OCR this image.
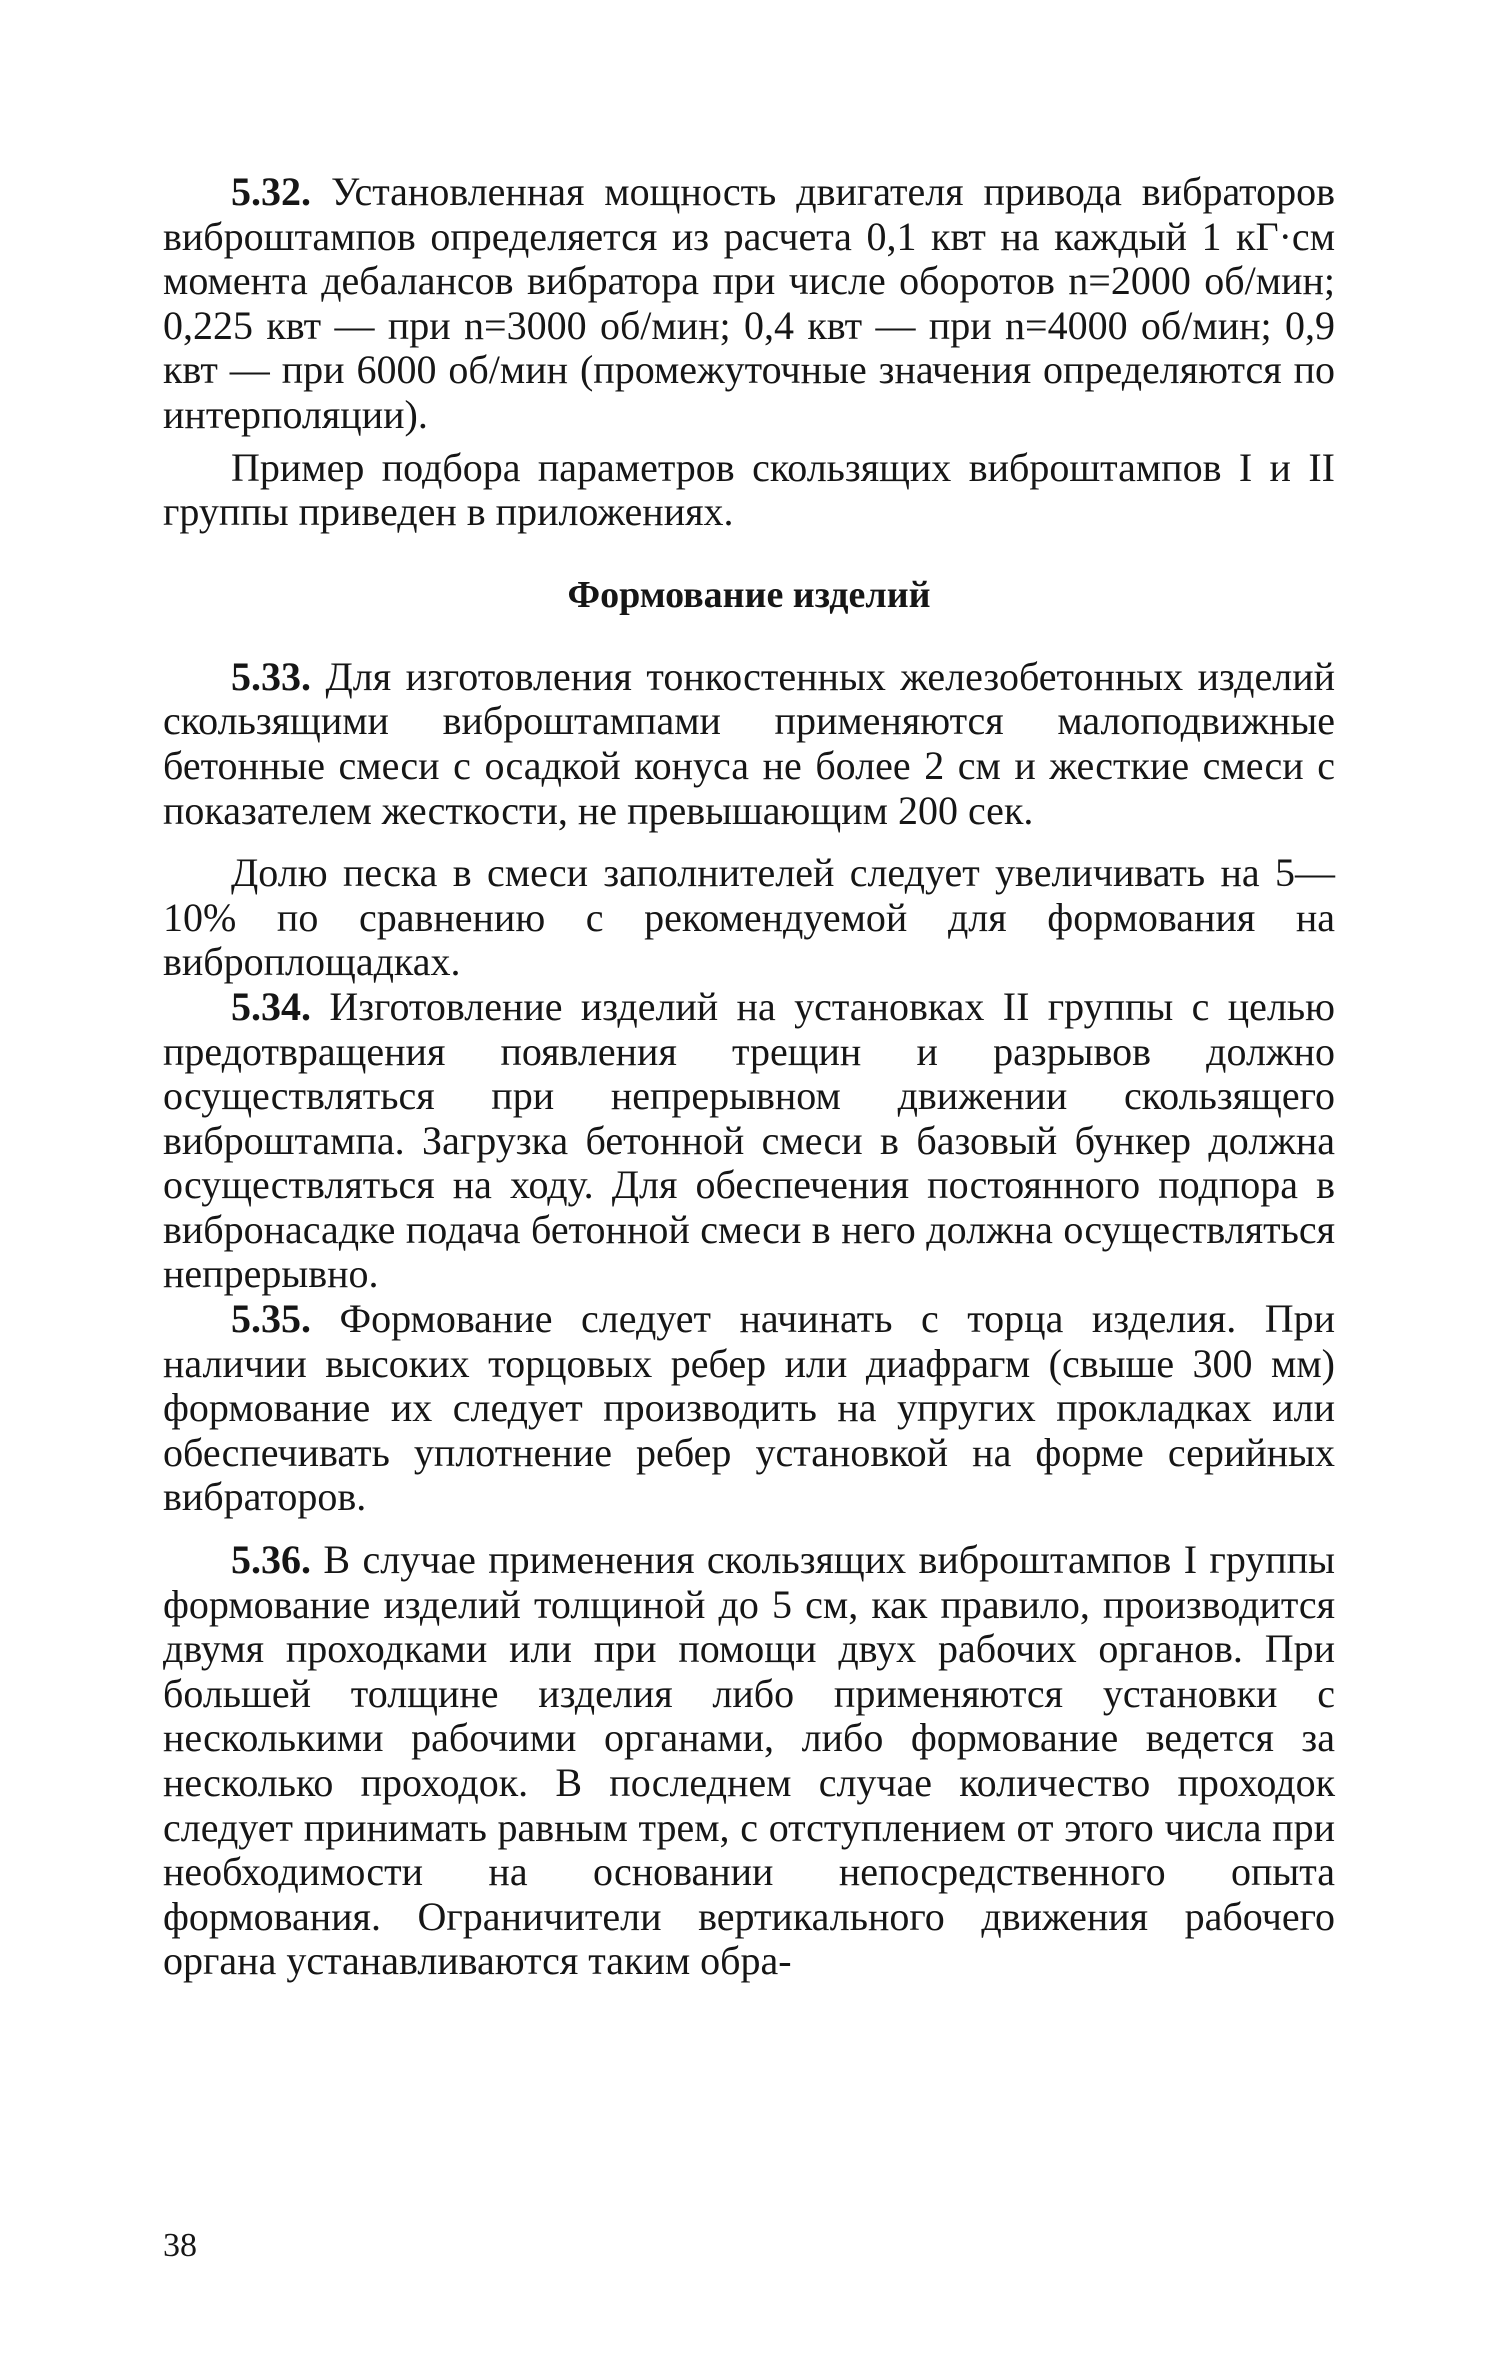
5.32. Установленная мощность двигателя привода вибраторов виброштампов определяется из расчета 0,1 квт на каждый 1 кГ·см момента дебалансов вибратора при числе оборотов n=2000 об/мин; 0,225 квт — при n=3000 об/мин; 0,4 квт — при n=4000 об/мин; 0,9 квт — при 6000 об/мин (промежуточные значения определяются по интерполяции).

Пример подбора параметров скользящих виброштампов I и II группы приведен в приложениях.

Формование изделий

5.33. Для изготовления тонкостенных железобетонных изделий скользящими виброштампами применяются малоподвижные бетонные смеси с осадкой конуса не более 2 см и жесткие смеси с показателем жесткости, не превышающим 200 сек.

Долю песка в смеси заполнителей следует увеличивать на 5—10% по сравнению с рекомендуемой для формования на виброплощадках.

5.34. Изготовление изделий на установках II группы с целью предотвращения появления трещин и разрывов должно осуществляться при непрерывном движении скользящего виброштампа. Загрузка бетонной смеси в базовый бункер должна осуществляться на ходу. Для обеспечения постоянного подпора в вибронасадке подача бетонной смеси в него должна осуществляться непрерывно.

5.35. Формование следует начинать с торца изделия. При наличии высоких торцовых ребер или диафрагм (свыше 300 мм) формование их следует производить на упругих прокладках или обеспечивать уплотнение ребер установкой на форме серийных вибраторов.

5.36. В случае применения скользящих виброштампов I группы формование изделий толщиной до 5 см, как правило, производится двумя проходками или при помощи двух рабочих органов. При большей толщине изделия либо применяются установки с несколькими рабочими органами, либо формование ведется за несколько проходок. В последнем случае количество проходок следует принимать равным трем, с отступлением от этого числа при необходимости на основании непосредственного опыта формования. Ограничители вертикального движения рабочего органа устанавливаются таким обра-

38
